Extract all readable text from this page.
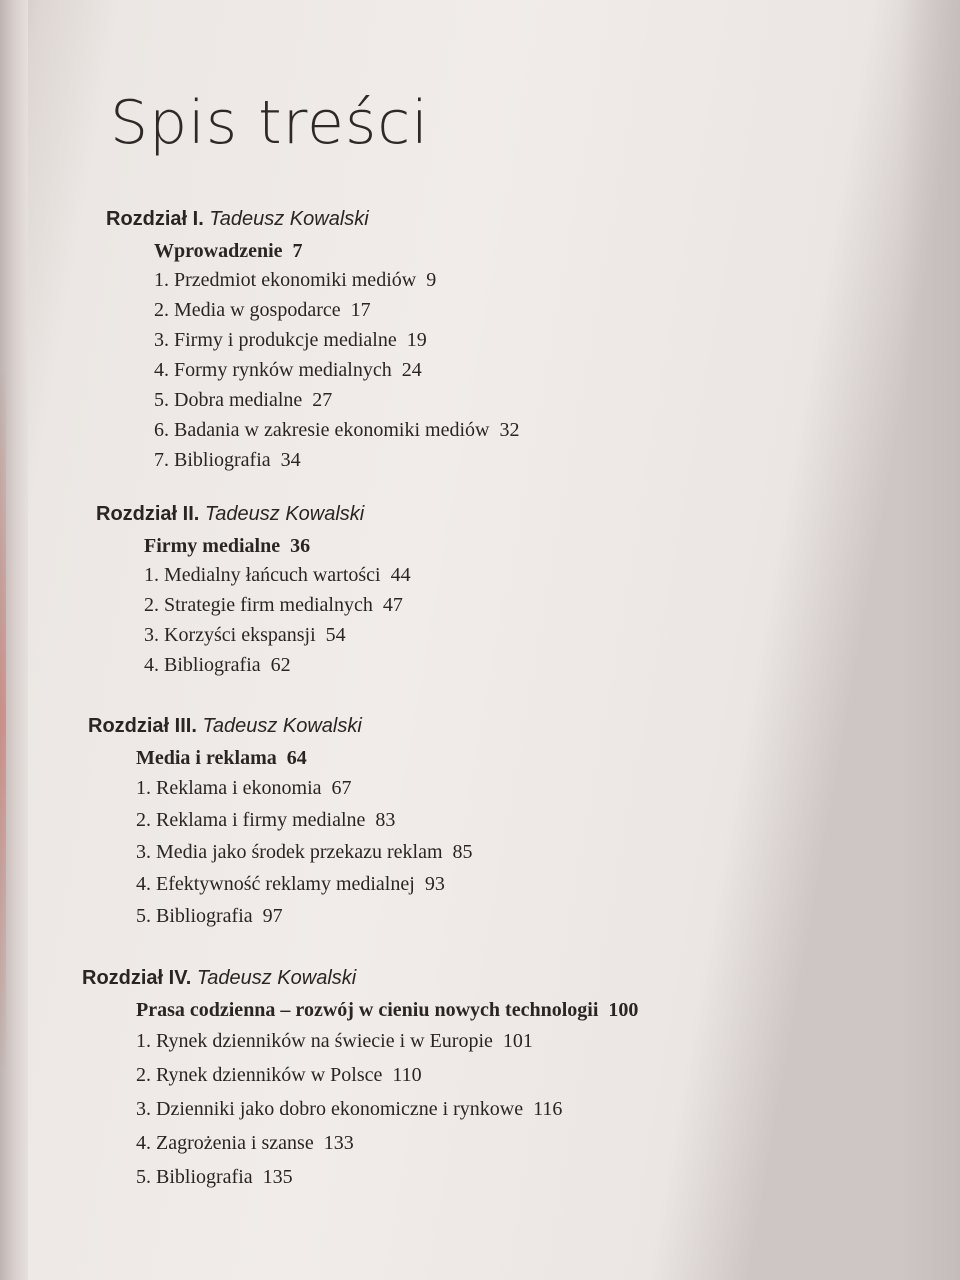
Spis treści
Rozdział I. Tadeusz Kowalski
Wprowadzenie 7
1. Przedmiot ekonomiki mediów 9
2. Media w gospodarce 17
3. Firmy i produkcje medialne 19
4. Formy rynków medialnych 24
5. Dobra medialne 27
6. Badania w zakresie ekonomiki mediów 32
7. Bibliografia 34
Rozdział II. Tadeusz Kowalski
Firmy medialne 36
1. Medialny łańcuch wartości 44
2. Strategie firm medialnych 47
3. Korzyści ekspansji 54
4. Bibliografia 62
Rozdział III. Tadeusz Kowalski
Media i reklama 64
1. Reklama i ekonomia 67
2. Reklama i firmy medialne 83
3. Media jako środek przekazu reklam 85
4. Efektywność reklamy medialnej 93
5. Bibliografia 97
Rozdział IV. Tadeusz Kowalski
Prasa codzienna – rozwój w cieniu nowych technologii 100
1. Rynek dzienników na świecie i w Europie 101
2. Rynek dzienników w Polsce 110
3. Dzienniki jako dobro ekonomiczne i rynkowe 116
4. Zagrożenia i szanse 133
5. Bibliografia 135
